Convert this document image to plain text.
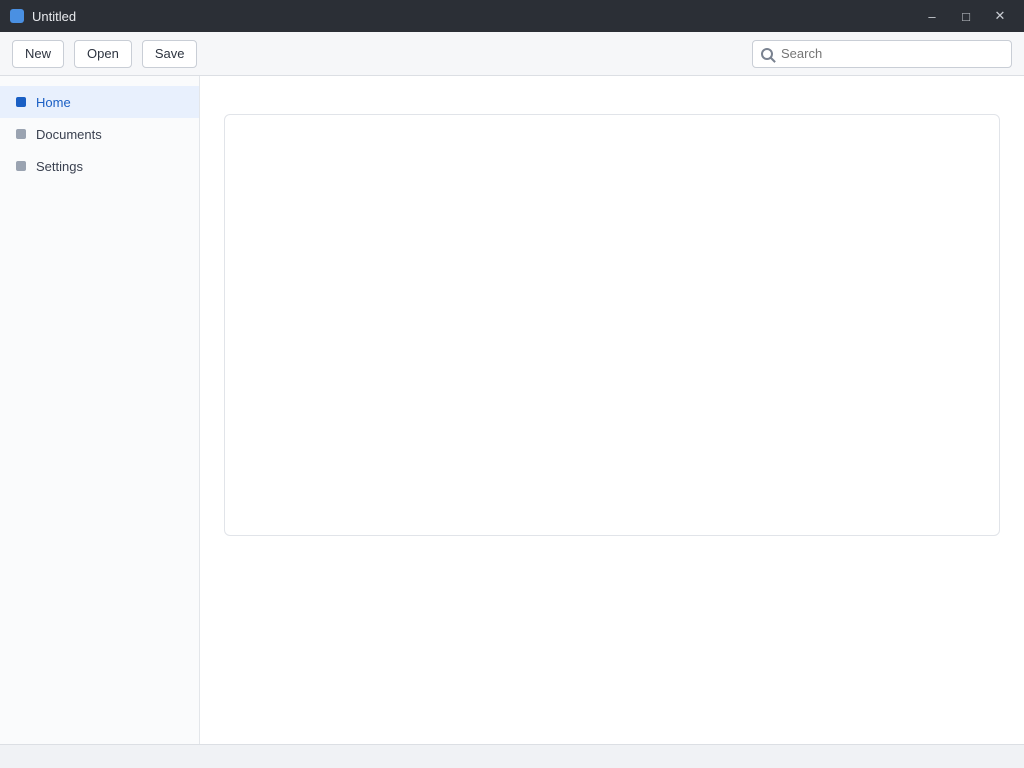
Untitled	–	□	✕
New	Open	Save
Search
Home
Documents
Settings
